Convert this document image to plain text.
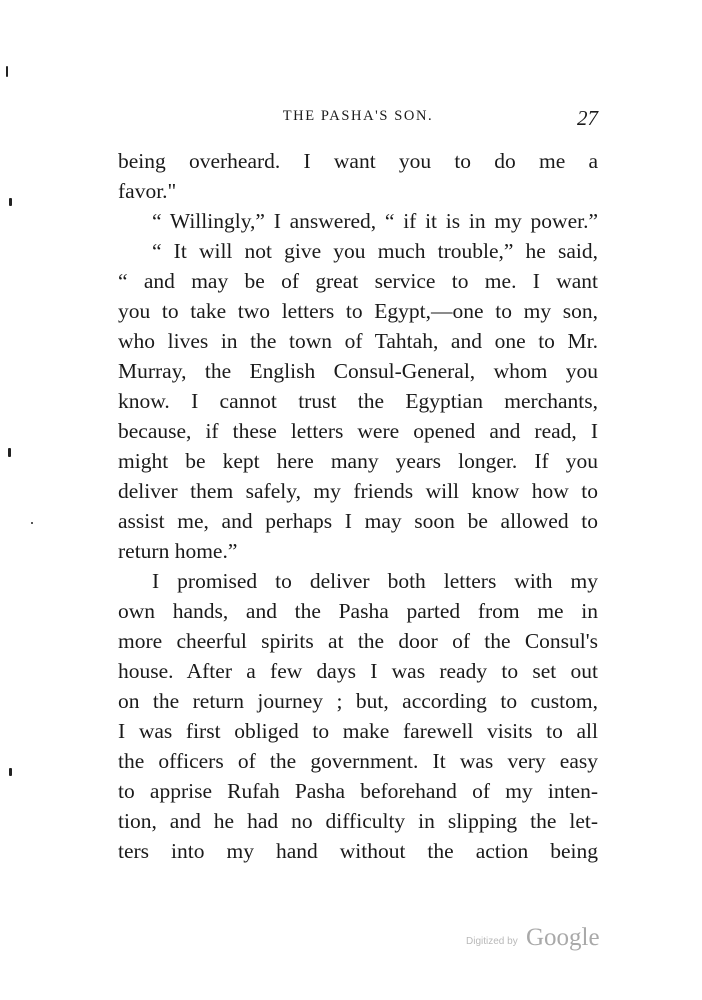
THE PASHA'S SON.	27
being overheard. I want you to do me a
favor."
“ Willingly,” I answered, “ if it is in my power.”
“ It will not give you much trouble,” he said,
“ and may be of great service to me. I want
you to take two letters to Egypt,—one to my son,
who lives in the town of Tahtah, and one to Mr.
Murray, the English Consul-General, whom you
know. I cannot trust the Egyptian merchants,
because, if these letters were opened and read, I
might be kept here many years longer. If you
deliver them safely, my friends will know how to
assist me, and perhaps I may soon be allowed to
return home.”
I promised to deliver both letters with my
own hands, and the Pasha parted from me in
more cheerful spirits at the door of the Consul's
house. After a few days I was ready to set out
on the return journey ; but, according to custom,
I was first obliged to make farewell visits to all
the officers of the government. It was very easy
to apprise Rufah Pasha beforehand of my inten-
tion, and he had no difficulty in slipping the let-
ters into my hand without the action being
Digitized by Google
